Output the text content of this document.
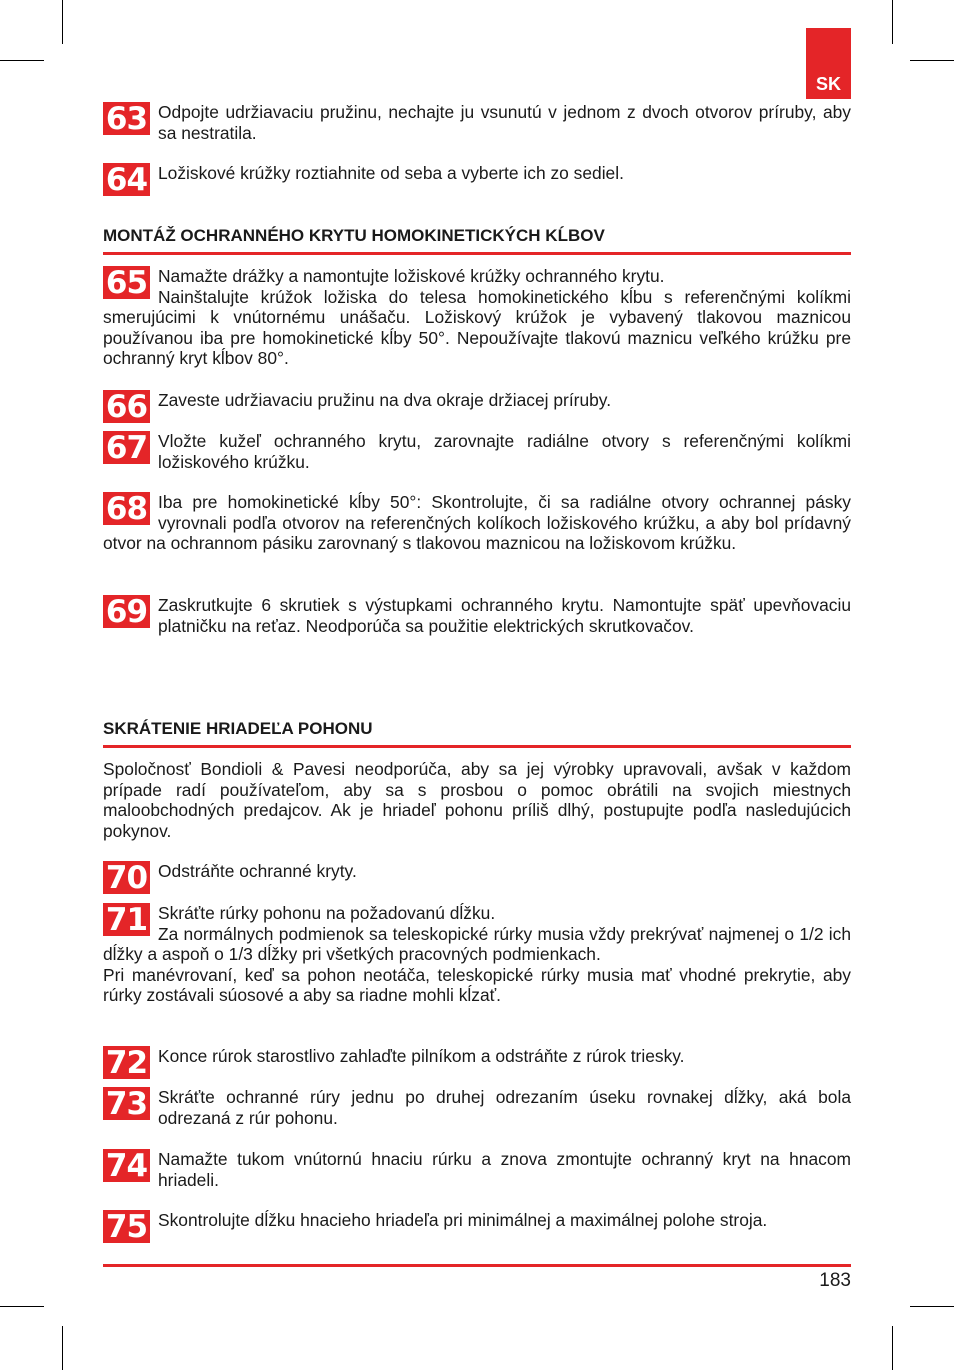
SK
63 Odpojte udržiavaciu pružinu, nechajte ju vsunutú v jednom z dvoch otvorov príruby, aby sa nestratila.

64 Ložiskové krúžky roztiahnite od seba a vyberte ich zo sediel.

MONTÁŽ OCHRANNÉHO KRYTU HOMOKINETICKÝCH KĹBOV
65 Namažte drážky a namontujte ložiskové krúžky ochranného krytu.

Nainštalujte krúžok ložiska do telesa homokinetického kĺbu s referenčnými kolíkmi smerujúcimi k vnútornému unášaču. Ložiskový krúžok je vybavený tlakovou maznicou používanou iba pre homokinetické kĺby 50°. Nepoužívajte tlakovú maznicu veľkého krúžku pre ochranný kryt kĺbov 80°.

66 Zaveste udržiavaciu pružinu na dva okraje držiacej príruby.

67 Vložte kužeľ ochranného krytu, zarovnajte radiálne otvory s referenčnými kolíkmi ložiskového krúžku.

68 Iba pre homokinetické kĺby 50°: Skontrolujte, či sa radiálne otvory ochrannej pásky vyrovnali podľa otvorov na referenčných kolíkoch ložiskového krúžku, a aby bol prídavný otvor na ochrannom pásiku zarovnaný s tlakovou maznicou na ložiskovom krúžku.

69 Zaskrutkujte 6 skrutiek s výstupkami ochranného krytu. Namontujte späť upevňovaciu platničku na reťaz. Neodporúča sa použitie elektrických skrutkovačov.

SKRÁTENIE HRIADEĽA POHONU

Spoločnosť Bondioli & Pavesi neodporúča, aby sa jej výrobky upravovali, avšak v každom prípade radí používateľom, aby sa s prosbou o pomoc obrátili na svojich miestnych maloobchodných predajcov. Ak je hriadeľ pohonu príliš dlhý, postupujte podľa nasledujúcich pokynov.

70 Odstráňte ochranné kryty.

71 Skráťte rúrky pohonu na požadovanú dĺžku.

Za normálnych podmienok sa teleskopické rúrky musia vždy prekrývať najmenej o 1/2 ich dĺžky a aspoň o 1/3 dĺžky pri všetkých pracovných podmienkach.

Pri manévrovaní, keď sa pohon neotáča, teleskopické rúrky musia mať vhodné prekrytie, aby rúrky zostávali súosové a aby sa riadne mohli kĺzať.

72 Konce rúrok starostlivo zahlaďte pilníkom a odstráňte z rúrok triesky.

73 Skráťte ochranné rúry jednu po druhej odrezaním úseku rovnakej dĺžky, aká bola odrezaná z rúr pohonu.

74 Namažte tukom vnútornú hnaciu rúrku a znova zmontujte ochranný kryt na hnacom hriadeli.

75 Skontrolujte dĺžku hnacieho hriadeľa pri minimálnej a maximálnej polohe stroja.

183
